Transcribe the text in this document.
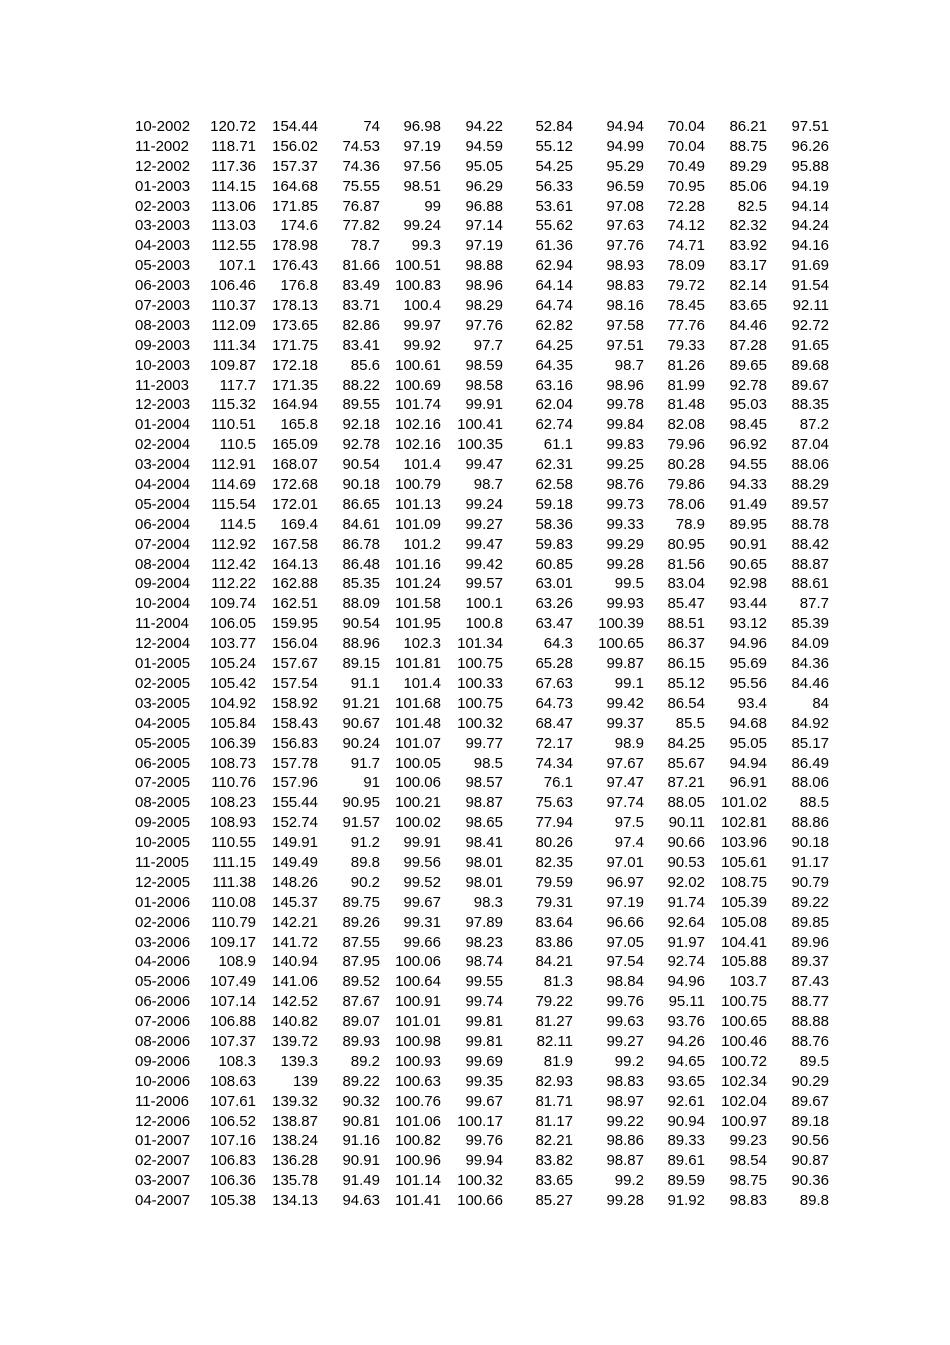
10-2002 120.72 154.44	74 96.98 94.22 52.84 94.94 70.04 86.21 97.51
11-2002 118.71 156.02 74.53 97.19 94.59 55.12 94.99 70.04 88.75 96.26
12-2002 117.36 157.37 74.36 97.56 95.05 54.25 95.29 70.49 89.29 95.88
01-2003 114.15 164.68 75.55 98.51 96.29 56.33 96.59 70.95 85.06 94.19
02-2003 113.06 171.85 76.87	99 96.88 53.61 97.08 72.28 82.5 94.14
03-2003 113.03 174.6 77.82 99.24 97.14 55.62 97.63 74.12 82.32 94.24
04-2003 112.55 178.98 78.7 99.3 97.19 61.36 97.76 74.71 83.92 94.16
05-2003 107.1 176.43 81.66 100.51 98.88 62.94 98.93 78.09 83.17 91.69
06-2003 106.46 176.8 83.49 100.83 98.96 64.14 98.83 79.72 82.14 91.54
07-2003 110.37 178.13 83.71 100.4 98.29 64.74 98.16 78.45 83.65 92.11
08-2003 112.09 173.65 82.86 99.97 97.76 62.82 97.58 77.76 84.46 92.72
09-2003 111.34 171.75 83.41 99.92 97.7 64.25 97.51 79.33 87.28 91.65
10-2003 109.87 172.18 85.6 100.61 98.59 64.35	98.7 81.26 89.65 89.68
11-2003 117.7 171.35 88.22 100.69 98.58 63.16 98.96 81.99 92.78 89.67
12-2003 115.32 164.94 89.55 101.74 99.91 62.04 99.78 81.48 95.03 88.35
01-2004 110.51 165.8 92.18 102.16 100.41 62.74 99.84 82.08 98.45 87.2
02-2004 110.5 165.09 92.78 102.16 100.35	61.1 99.83 79.96 96.92 87.04
03-2004 112.91 168.07 90.54 101.4 99.47 62.31 99.25 80.28 94.55 88.06
04-2004 114.69 172.68 90.18 100.79 98.7 62.58 98.76 79.86 94.33 88.29
05-2004 115.54 172.01 86.65 101.13 99.24 59.18 99.73 78.06 91.49 89.57
06-2004 114.5 169.4 84.61 101.09 99.27 58.36 99.33 78.9 89.95 88.78
07-2004 112.92 167.58 86.78 101.2 99.47 59.83 99.29 80.95 90.91 88.42
08-2004 112.42 164.13 86.48 101.16 99.42 60.85 99.28 81.56 90.65 88.87
09-2004 112.22 162.88 85.35 101.24 99.57 63.01	99.5 83.04 92.98 88.61
10-2004 109.74 162.51 88.09 101.58 100.1 63.26 99.93 85.47 93.44 87.7
11-2004 106.05 159.95 90.54 101.95 100.8 63.47 100.39 88.51 93.12 85.39
12-2004 103.77 156.04 88.96 102.3 101.34	64.3 100.65 86.37 94.96 84.09
01-2005 105.24 157.67 89.15 101.81 100.75 65.28 99.87 86.15 95.69 84.36
02-2005 105.42 157.54 91.1 101.4 100.33 67.63	99.1 85.12 95.56 84.46
03-2005 104.92 158.92 91.21 101.68 100.75 64.73 99.42 86.54 93.4	84
04-2005 105.84 158.43 90.67 101.48 100.32 68.47 99.37 85.5 94.68 84.92
05-2005 106.39 156.83 90.24 101.07 99.77 72.17	98.9 84.25 95.05 85.17
06-2005 108.73 157.78 91.7 100.05 98.5 74.34 97.67 85.67 94.94 86.49
07-2005 110.76 157.96	91 100.06 98.57	76.1 97.47 87.21 96.91 88.06
08-2005 108.23 155.44 90.95 100.21 98.87 75.63 97.74 88.05 101.02 88.5
09-2005 108.93 152.74 91.57 100.02 98.65 77.94	97.5 90.11 102.81 88.86
10-2005 110.55 149.91 91.2 99.91 98.41 80.26	97.4 90.66 103.96 90.18
11-2005 111.15 149.49 89.8 99.56 98.01 82.35 97.01 90.53 105.61 91.17
12-2005 111.38 148.26 90.2 99.52 98.01 79.59 96.97 92.02 108.75 90.79
01-2006 110.08 145.37 89.75 99.67 98.3 79.31 97.19 91.74 105.39 89.22
02-2006 110.79 142.21 89.26 99.31 97.89 83.64 96.66 92.64 105.08 89.85
03-2006 109.17 141.72 87.55 99.66 98.23 83.86 97.05 91.97 104.41 89.96
04-2006 108.9 140.94 87.95 100.06 98.74 84.21 97.54 92.74 105.88 89.37
05-2006 107.49 141.06 89.52 100.64 99.55	81.3 98.84 94.96 103.7 87.43
06-2006 107.14 142.52 87.67 100.91 99.74 79.22 99.76 95.11 100.75 88.77
07-2006 106.88 140.82 89.07 101.01 99.81 81.27 99.63 93.76 100.65 88.88
08-2006 107.37 139.72 89.93 100.98 99.81 82.11 99.27 94.26 100.46 88.76
09-2006 108.3 139.3 89.2 100.93 99.69	81.9	99.2 94.65 100.72 89.5
10-2006 108.63 139 89.22 100.63 99.35 82.93 98.83 93.65 102.34 90.29
11-2006 107.61 139.32 90.32 100.76 99.67 81.71 98.97 92.61 102.04 89.67
12-2006 106.52 138.87 90.81 101.06 100.17 81.17 99.22 90.94 100.97 89.18
01-2007 107.16 138.24 91.16 100.82 99.76 82.21 98.86 89.33 99.23 90.56
02-2007 106.83 136.28 90.91 100.96 99.94 83.82 98.87 89.61 98.54 90.87
03-2007 106.36 135.78 91.49 101.14 100.32 83.65	99.2 89.59 98.75 90.36
04-2007 105.38 134.13 94.63 101.41 100.66 85.27 99.28 91.92 98.83 89.8
